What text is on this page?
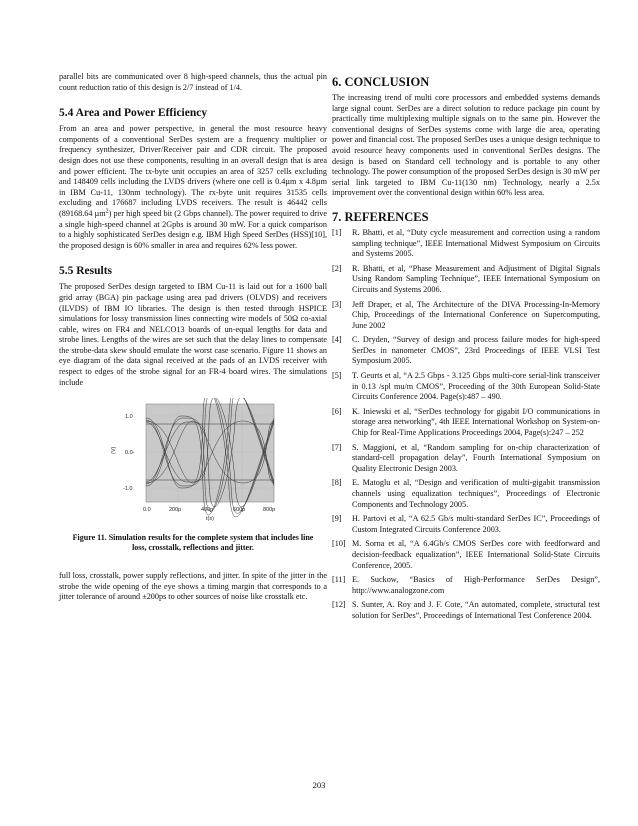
parallel bits are communicated over 8 high-speed channels, thus the actual pin count reduction ratio of this design is 2/7 instead of 1/4.

5.4 Area and Power Efficiency

From an area and power perspective, in general the most resource heavy components of a conventional SerDes system are a frequency multiplier or frequency synthesizer, Driver/Receiver pair and CDR circuit. The proposed design does not use these components, resulting in an overall design that is area and power efficient. The tx-byte unit occupies an area of 3257 cells excluding and 148409 cells including the LVDS drivers (where one cell is 0.4µm x 4.8µm in IBM Cu-11, 130nm technology). The rx-byte unit requires 31535 cells excluding and 176687 including LVDS receivers. The result is 46442 cells (89168.64 µm$^2$) per high speed bit (2 Gbps channel). The power required to drive a single high-speed channel at 2Gpbs is around 30 mW. For a quick comparison to a highly sophisticated SerDes design e.g. IBM High Speed SerDes (HSS)[10], the proposed design is 60% smaller in area and requires 62% less power.

5.5 Results

The proposed SerDes design targeted to IBM Cu-11 is laid out for a 1600 ball grid array (BGA) pin package using area pad drivers (OLVDS) and receivers (ILVDS) of IBM IO libraries. The design is then tested through HSPICE simulations for lossy transmission lines connecting wire models of 50Ω co-axial cable, wires on FR4 and NELCO13 boards of un-equal lengths for data and strobe lines. Lengths of the wires are set such that the delay lines to compensate the strobe-data skew should emulate the worst case scenario. Figure 11 shows an eye diagram of the data signal received at the pads of an LVDS receiver with respect to edges of the strobe signal for an FR-4 board wires. The simulations include

1.0
0.0-
-1.0
(V)
0.0	200p	400p	600p	800p
t(s)

Figure 11. Simulation results for the complete system that includes line loss, crosstalk, reflections and jitter.

full loss, crosstalk, power supply reflections, and jitter. In spite of the jitter in the strobe the wide opening of the eye shows a timing margin that corresponds to a jitter tolerance of around ±200ps to other sources of noise like crosstalk etc.

6. CONCLUSION

The increasing trend of multi core processors and embedded systems demands large signal count. SerDes are a direct solution to reduce package pin count by practically time multiplexing multiple signals on to the same pin. However the conventional designs of SerDes systems come with large die area, operating power and financial cost. The proposed SerDes uses a unique design technique to avoid resource heavy components used in conventional SerDes designs. The design is based on Standard cell technology and is portable to any other technology. The power consumption of the proposed SerDes design is 30 mW per serial link targeted to IBM Cu-11(130 nm) Technology, nearly a 2.5x improvement over the conventional design within 60% less area.

7. REFERENCES
[1] R. Bhatti, et al, “Duty cycle measurement and correction using a random sampling technique”, IEEE International Midwest Symposium on Circuits and Systems 2005.
[2] R. Bhatti, et al, “Phase Measurement and Adjustment of Digital Signals Using Random Sampling Technique”, IEEE International Symposium on Circuits and Systems 2006.
[3] Jeff Draper, et al, The Architecture of the DIVA Processing-In-Memory Chip, Proceedings of the International Conference on Supercomputing, June 2002
[4] C. Dryden, “Survey of design and process failure modes for high-speed SerDes in nanometer CMOS”, 23rd Proceedings of IEEE VLSI Test Symposium 2005.
[5] T. Geurts et al, “A 2.5 Gbps - 3.125 Gbps multi-core serial-link transceiver in 0.13 /spl mu/m CMOS”, Proceeding of the 30th European Solid-State Circuits Conference 2004. Page(s):487 – 490.
[6] K. Iniewski et al, “SerDes technology for gigabit I/O communications in storage area networking”, 4th IEEE International Workshop on System-on-Chip for Real-Time Applications Proceedings 2004, Page(s):247 – 252
[7] S. Maggioni, et al, “Random sampling for on-chip characterization of standard-cell propagation delay”, Fourth International Symposium on Quality Electronic Design 2003.
[8] E. Matoglu et al, “Design and verification of multi-gigabit transmission channels using equalization techniques”, Proceedings of Electronic Components and Technology 2005.
[9] H. Partovi et al, “A 62.5 Gb/s multi-standard SerDes IC”, Proceedings of Custom Integrated Circuits Conference 2003.
[10] M. Sorna et al, “A 6.4Gb/s CMOS SerDes core with feedforward and decision-feedback equalization”, IEEE International Solid-State Circuits Conference, 2005.
[11] E. Suckow, “Basics of High-Performance SerDes Design”, http://www.analogzone.com
[12] S. Sunter, A. Roy and J. F. Cote, “An automated, complete, structural test solution for SerDes”, Proceedings of International Test Conference 2004.
203
